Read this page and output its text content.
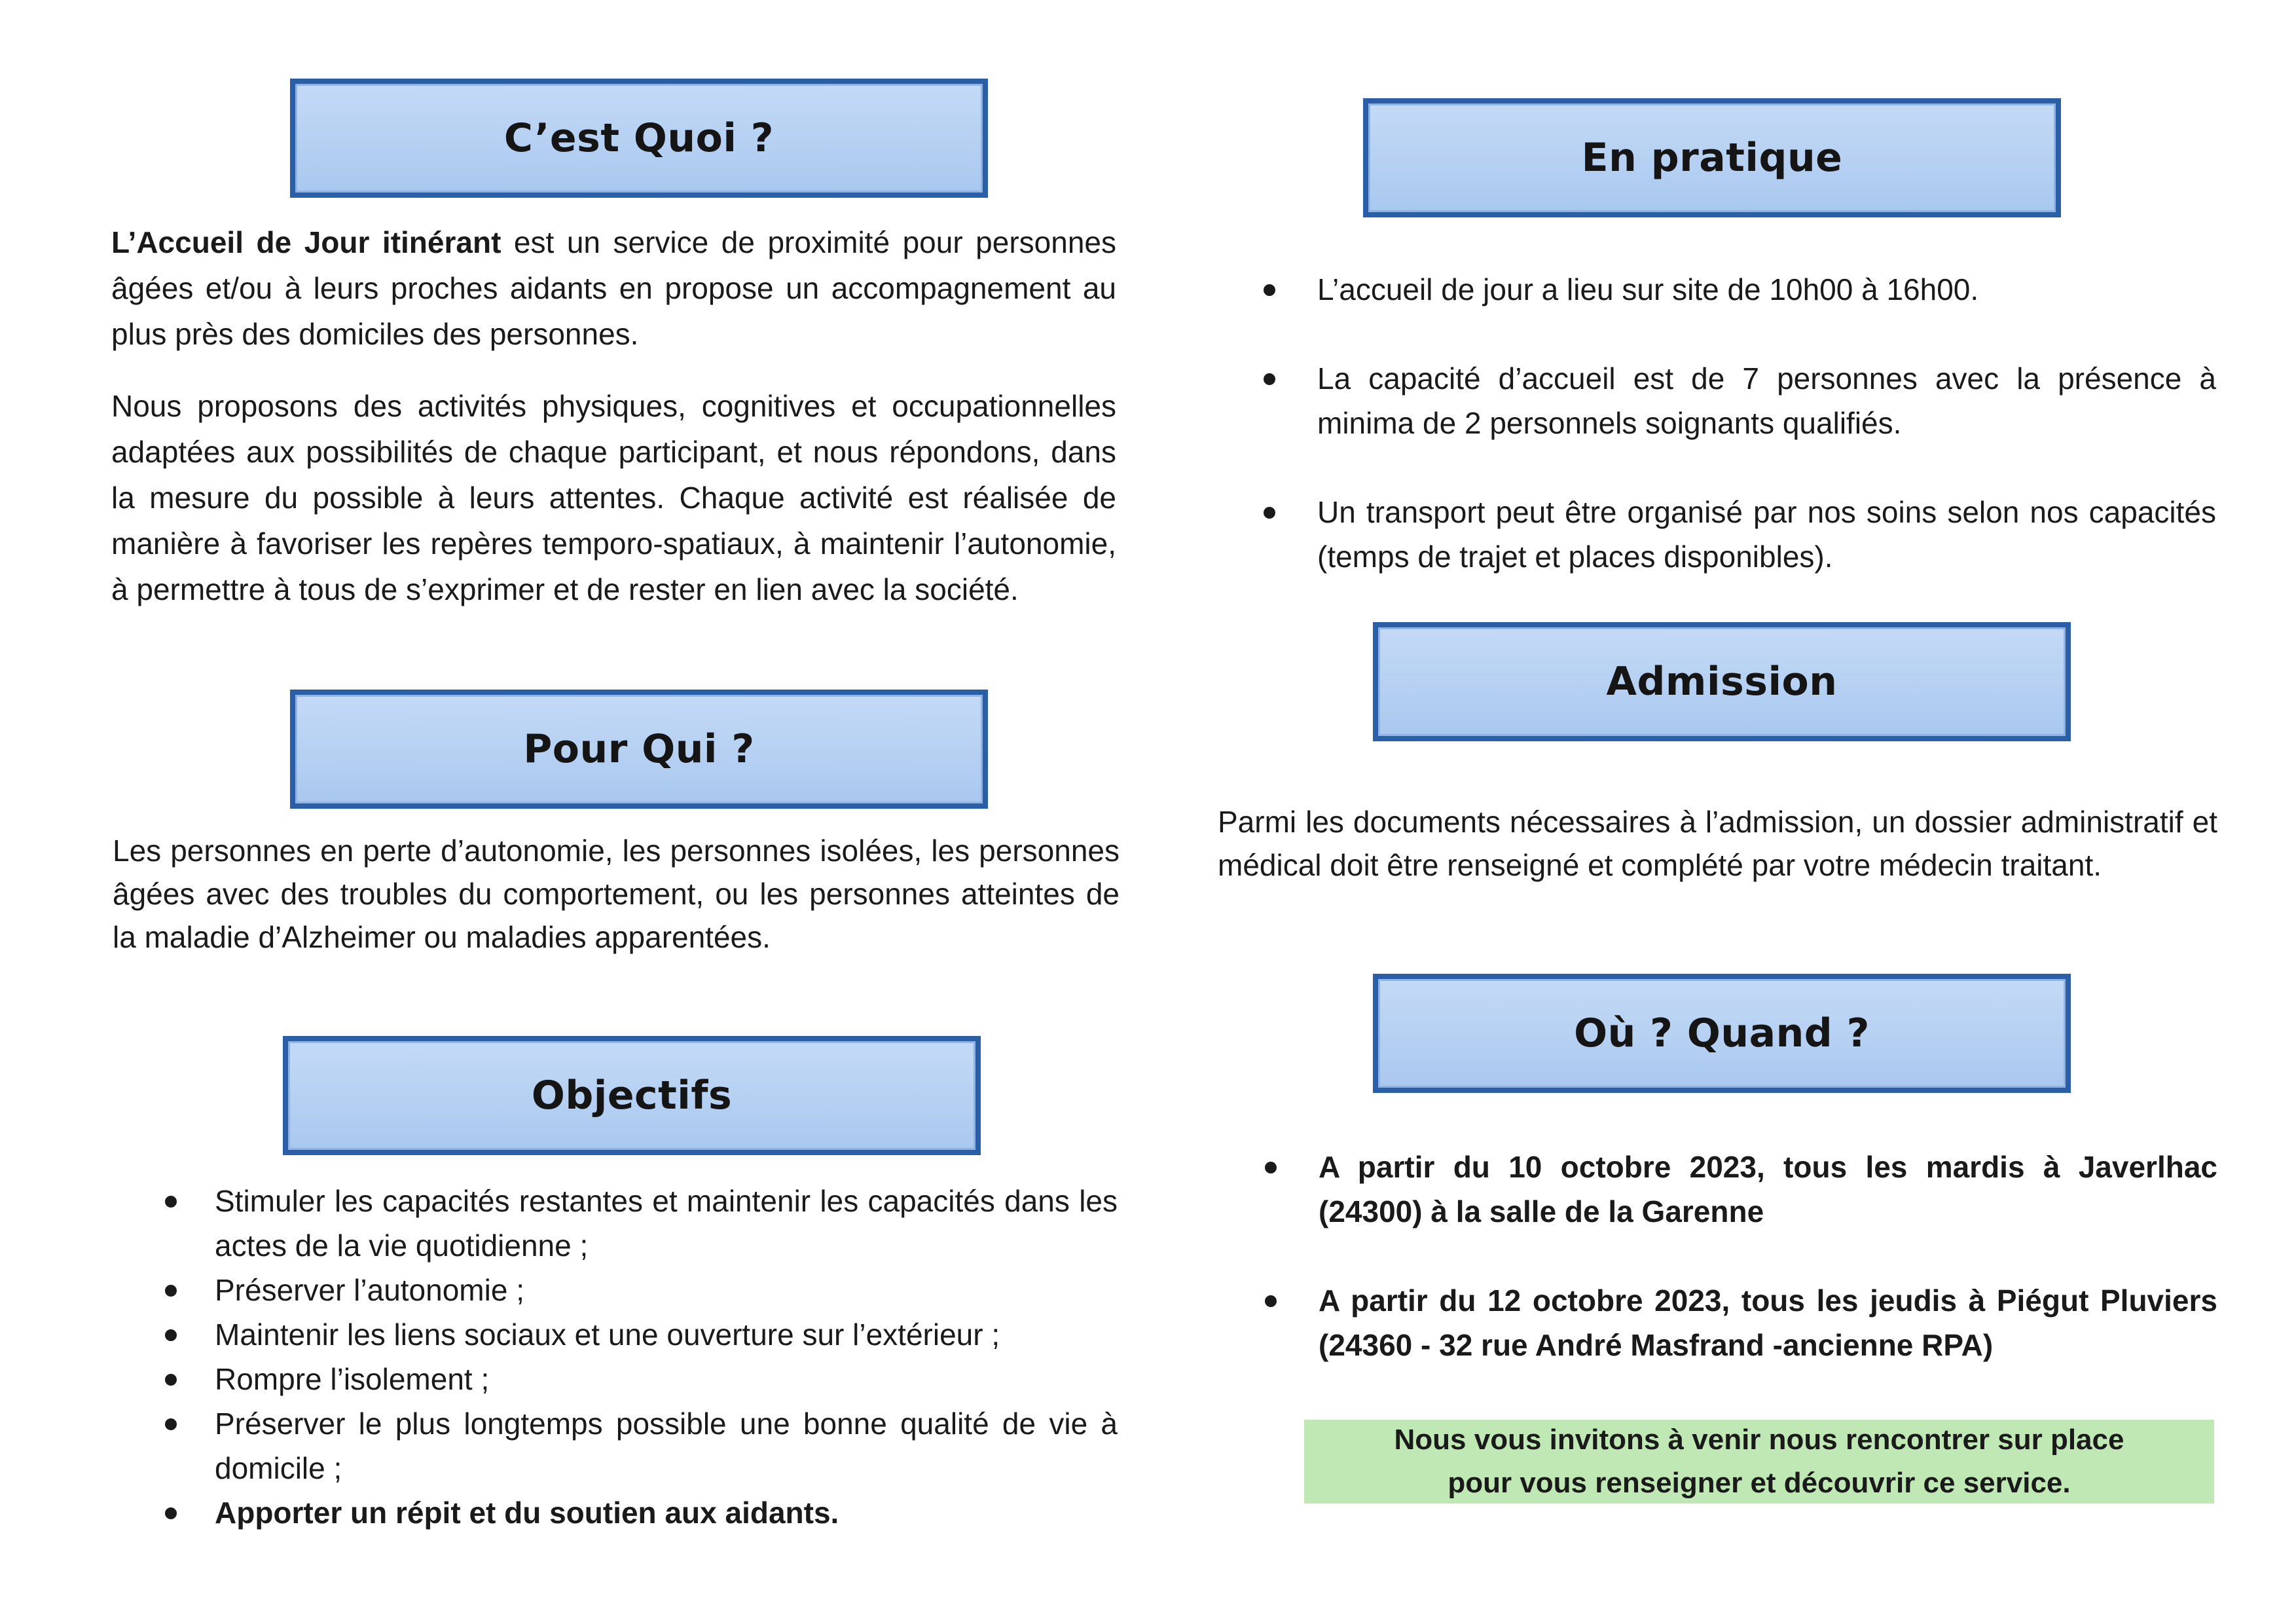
C’est Quoi ?

L’Accueil de Jour itinérant est un service de proximité pour personnes âgées et/ou à leurs proches aidants en propose un accompagnement au plus près des domiciles des personnes.

Nous proposons des activités physiques, cognitives et occupationnelles adaptées aux possibilités de chaque participant, et nous répondons, dans la mesure du possible à leurs attentes. Chaque activité est réalisée de manière à favoriser les repères temporo-spatiaux, à maintenir l’autonomie, à permettre à tous de s’exprimer et de rester en lien avec la société.

Pour Qui ?

Les personnes en perte d’autonomie, les personnes isolées, les personnes âgées avec des troubles du comportement, ou les personnes atteintes de la maladie d’Alzheimer ou maladies apparentées.

Objectifs
Stimuler les capacités restantes et maintenir les capacités dans les actes de la vie quotidienne ;
Préserver l’autonomie ;
Maintenir les liens sociaux et une ouverture sur l’extérieur ;
Rompre l’isolement ;
Préserver le plus longtemps possible une bonne qualité de vie à domicile ;
Apporter un répit et du soutien aux aidants.
En pratique
L’accueil de jour a lieu sur site de 10h00 à 16h00.
La capacité d’accueil est de 7 personnes avec la présence à minima de 2 personnels soignants qualifiés.
Un transport peut être organisé par nos soins selon nos capacités (temps de trajet et places disponibles).
Admission

Parmi les documents nécessaires à l’admission, un dossier administratif et médical doit être renseigné et complété par votre médecin traitant.

Où ? Quand ?
A partir du 10 octobre 2023, tous les mardis à Javerlhac (24300) à la salle de la Garenne
A partir du 12 octobre 2023, tous les jeudis à Piégut Pluviers (24360 - 32 rue André Masfrand -ancienne RPA)
Nous vous invitons à venir nous rencontrer sur place
pour vous renseigner et découvrir ce service.
